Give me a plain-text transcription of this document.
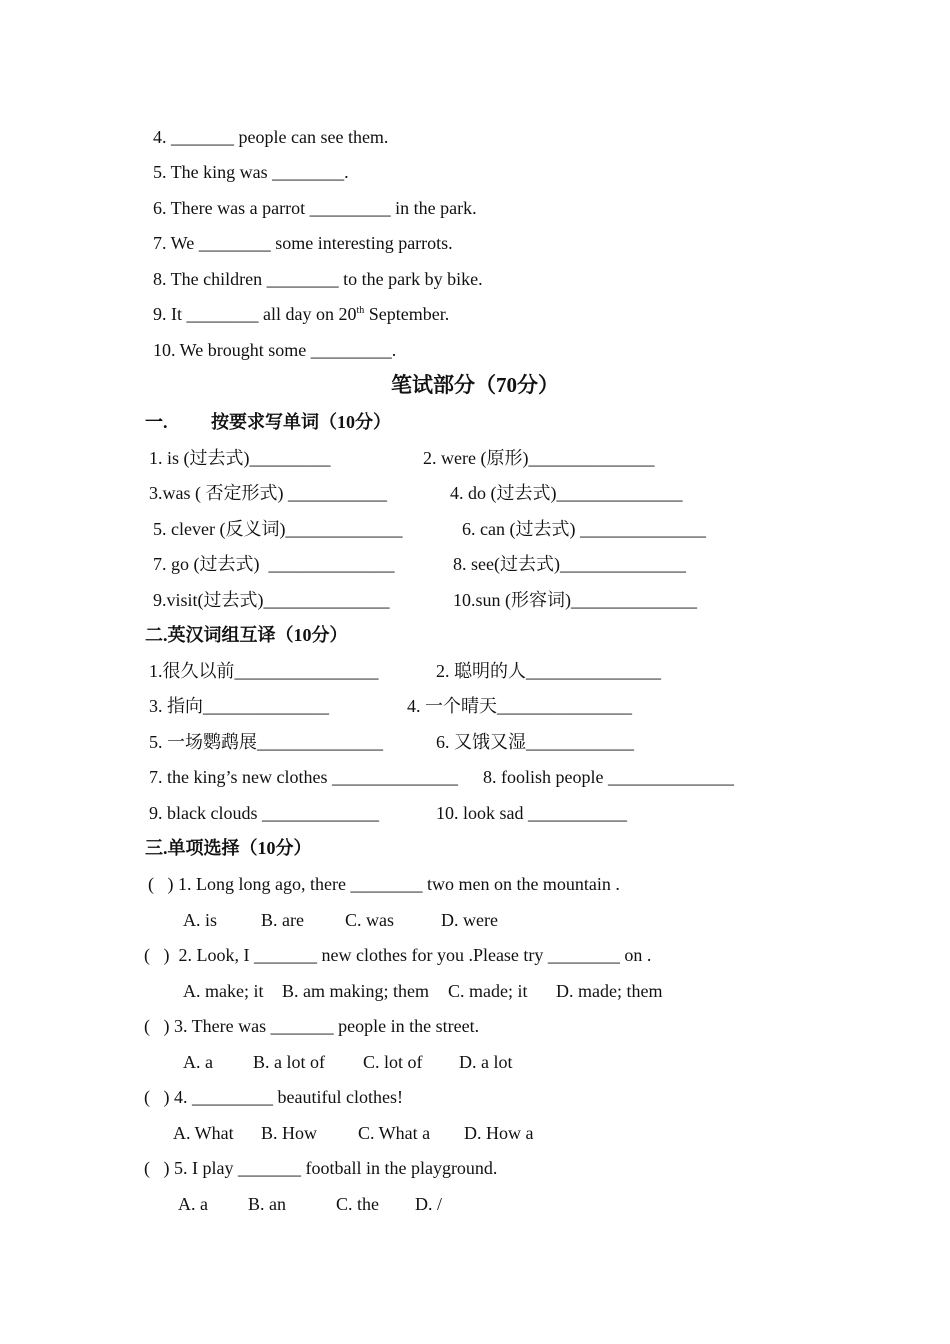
4. _______ people can see them.
5. The king was ________.
6. There was a parrot _________ in the park.
7. We ________ some interesting parrots.
8. The children ________ to the park by bike.
9. It ________ all day on 20th September.
10. We brought some _________.
笔试部分（70分）
一. 按要求写单词（10分）
1. is (过去式)_________	2. were (原形)______________
3.was ( 否定形式) ___________	4. do (过去式)______________
5. clever (反义词)_____________	6. can (过去式) ______________
7. go (过去式)  ______________	8. see(过去式)______________
9.visit(过去式)______________	10.sun (形容词)______________
二.英汉词组互译（10分）
1.很久以前________________	2. 聪明的人_______________
3. 指向______________	4. 一个晴天_______________
5. 一场鹦鹉展______________	6. 又饿又湿____________
7. the king’s new clothes ______________ 8. foolish people ______________
9. black clouds _____________	10. look sad ___________
三.单项选择（10分）
(   ) 1. Long long ago, there ________ two men on the mountain .
A. is B. are C. was	D. were
(   )  2. Look, I _______ new clothes for you .Please try ________ on .
A. make; it B. am making; them C. made; it D. made; them
(   ) 3. There was _______ people in the street.
A. a B. a lot of C. lot of D. a lot
(   ) 4. _________ beautiful clothes!
A. What B. How C. What a D. How a
(   ) 5. I play _______ football in the playground.
A. a B. an	C. the D. /
